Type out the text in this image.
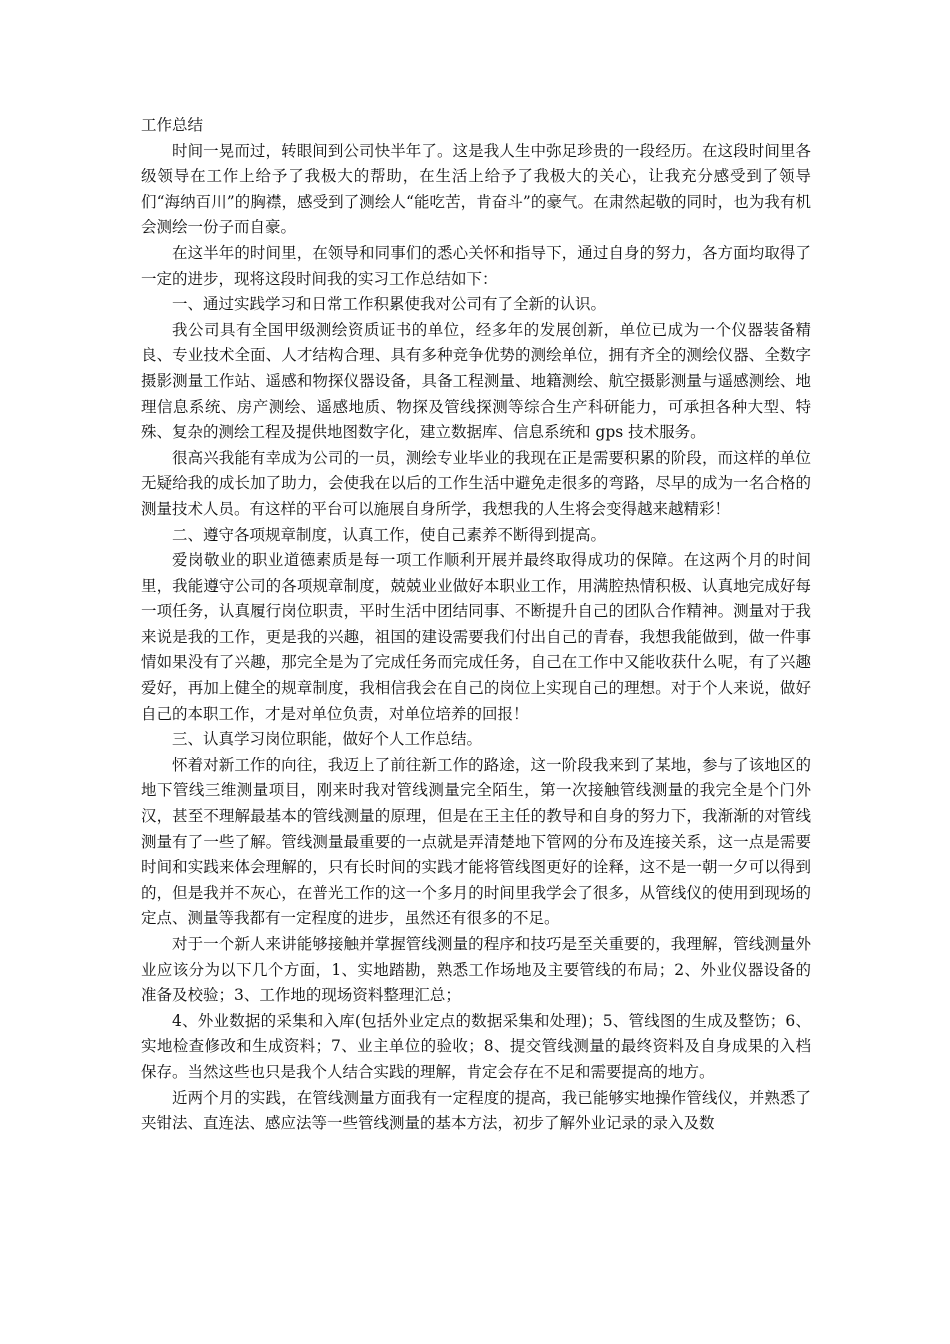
工作总结

时间一晃而过，转眼间到公司快半年了。这是我人生中弥足珍贵的一段经历。在这段时间里各级领导在工作上给予了我极大的帮助，在生活上给予了我极大的关心，让我充分感受到了领导们“海纳百川”的胸襟，感受到了测绘人“能吃苦，肯奋斗”的豪气。在肃然起敬的同时，也为我有机会测绘一份子而自豪。

在这半年的时间里，在领导和同事们的悉心关怀和指导下，通过自身的努力，各方面均取得了一定的进步，现将这段时间我的实习工作总结如下：

一、通过实践学习和日常工作积累使我对公司有了全新的认识。

我公司具有全国甲级测绘资质证书的单位，经多年的发展创新，单位已成为一个仪器装备精良、专业技术全面、人才结构合理、具有多种竞争优势的测绘单位，拥有齐全的测绘仪器、全数字摄影测量工作站、遥感和物探仪器设备，具备工程测量、地籍测绘、航空摄影测量与遥感测绘、地理信息系统、房产测绘、遥感地质、物探及管线探测等综合生产科研能力，可承担各种大型、特殊、复杂的测绘工程及提供地图数字化，建立数据库、信息系统和 gps 技术服务。

很高兴我能有幸成为公司的一员，测绘专业毕业的我现在正是需要积累的阶段，而这样的单位无疑给我的成长加了助力，会使我在以后的工作生活中避免走很多的弯路，尽早的成为一名合格的测量技术人员。有这样的平台可以施展自身所学，我想我的人生将会变得越来越精彩！

二、遵守各项规章制度，认真工作，使自己素养不断得到提高。

爱岗敬业的职业道德素质是每一项工作顺利开展并最终取得成功的保障。在这两个月的时间里，我能遵守公司的各项规章制度，兢兢业业做好本职业工作，用满腔热情积极、认真地完成好每一项任务，认真履行岗位职责，平时生活中团结同事、不断提升自己的团队合作精神。测量对于我来说是我的工作，更是我的兴趣，祖国的建设需要我们付出自己的青春，我想我能做到，做一件事情如果没有了兴趣，那完全是为了完成任务而完成任务，自己在工作中又能收获什么呢，有了兴趣爱好，再加上健全的规章制度，我相信我会在自己的岗位上实现自己的理想。对于个人来说，做好自己的本职工作，才是对单位负责，对单位培养的回报！

三、认真学习岗位职能，做好个人工作总结。

怀着对新工作的向往，我迈上了前往新工作的路途，这一阶段我来到了某地，参与了该地区的地下管线三维测量项目，刚来时我对管线测量完全陌生，第一次接触管线测量的我完全是个门外汉，甚至不理解最基本的管线测量的原理，但是在王主任的教导和自身的努力下，我渐渐的对管线测量有了一些了解。管线测量最重要的一点就是弄清楚地下管网的分布及连接关系，这一点是需要时间和实践来体会理解的，只有长时间的实践才能将管线图更好的诠释，这不是一朝一夕可以得到的，但是我并不灰心，在普光工作的这一个多月的时间里我学会了很多，从管线仪的使用到现场的定点、测量等我都有一定程度的进步，虽然还有很多的不足。

对于一个新人来讲能够接触并掌握管线测量的程序和技巧是至关重要的，我理解，管线测量外业应该分为以下几个方面，1、实地踏勘，熟悉工作场地及主要管线的布局；2、外业仪器设备的准备及校验；3、工作地的现场资料整理汇总；

4、外业数据的采集和入库(包括外业定点的数据采集和处理)；5、管线图的生成及整饬；6、实地检查修改和生成资料；7、业主单位的验收；8、提交管线测量的最终资料及自身成果的入档保存。当然这些也只是我个人结合实践的理解，肯定会存在不足和需要提高的地方。

近两个月的实践，在管线测量方面我有一定程度的提高，我已能够实地操作管线仪，并熟悉了夹钳法、直连法、感应法等一些管线测量的基本方法，初步了解外业记录的录入及数
